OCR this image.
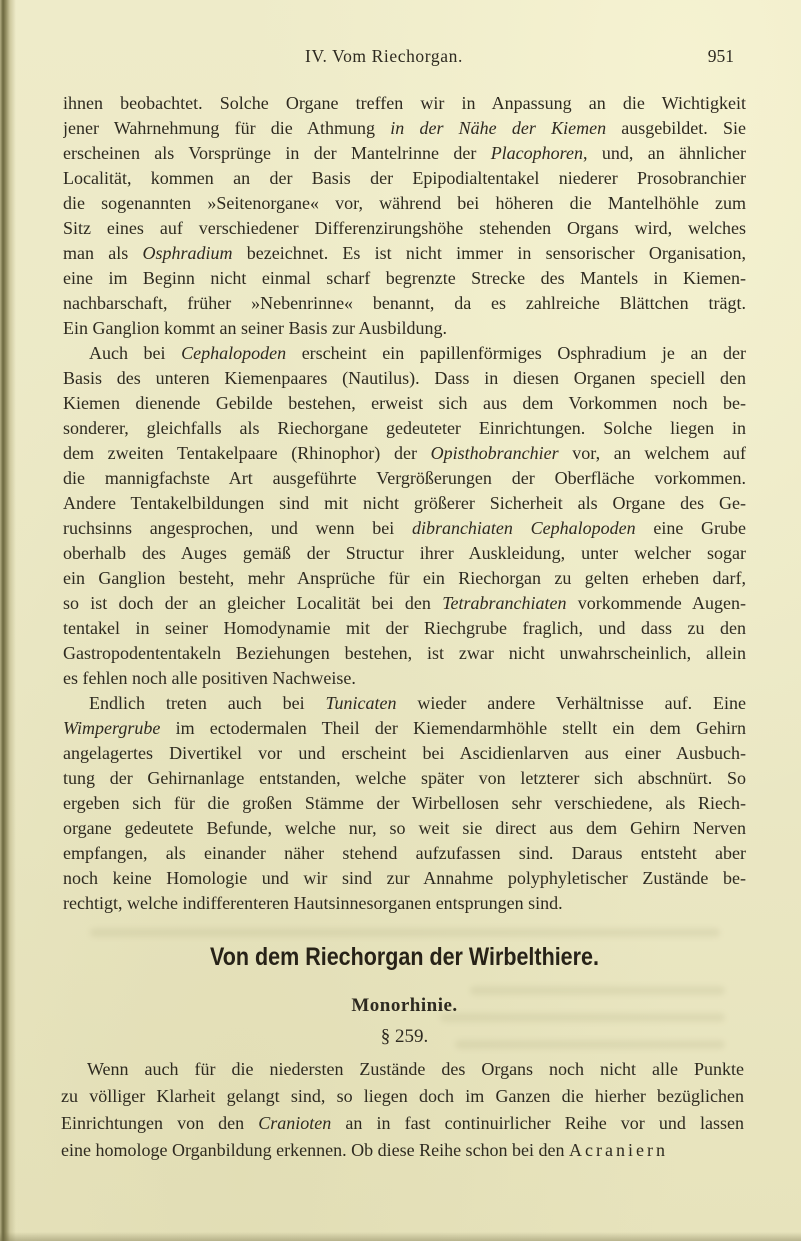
IV. Vom Riechorgan.	951
ihnen beobachtet. Solche Organe treffen wir in Anpassung an die Wichtigkeit
jener Wahrnehmung für die Athmung in der Nähe der Kiemen ausgebildet. Sie
erscheinen als Vorsprünge in der Mantelrinne der Placophoren, und, an ähnlicher
Localität, kommen an der Basis der Epipodialtentakel niederer Prosobranchier
die sogenannten »Seitenorgane« vor, während bei höheren die Mantelhöhle zum
Sitz eines auf verschiedener Differenzirungshöhe stehenden Organs wird, welches
man als Osphradium bezeichnet. Es ist nicht immer in sensorischer Organisation,
eine im Beginn nicht einmal scharf begrenzte Strecke des Mantels in Kiemen-
nachbarschaft, früher »Nebenrinne« benannt, da es zahlreiche Blättchen trägt.
Ein Ganglion kommt an seiner Basis zur Ausbildung.
Auch bei Cephalopoden erscheint ein papillenförmiges Osphradium je an der
Basis des unteren Kiemenpaares (Nautilus). Dass in diesen Organen speciell den
Kiemen dienende Gebilde bestehen, erweist sich aus dem Vorkommen noch be-
sonderer, gleichfalls als Riechorgane gedeuteter Einrichtungen. Solche liegen in
dem zweiten Tentakelpaare (Rhinophor) der Opisthobranchier vor, an welchem auf
die mannigfachste Art ausgeführte Vergrößerungen der Oberfläche vorkommen.
Andere Tentakelbildungen sind mit nicht größerer Sicherheit als Organe des Ge-
ruchsinns angesprochen, und wenn bei dibranchiaten Cephalopoden eine Grube
oberhalb des Auges gemäß der Structur ihrer Auskleidung, unter welcher sogar
ein Ganglion besteht, mehr Ansprüche für ein Riechorgan zu gelten erheben darf,
so ist doch der an gleicher Localität bei den Tetrabranchiaten vorkommende Augen-
tentakel in seiner Homodynamie mit der Riechgrube fraglich, und dass zu den
Gastropodententakeln Beziehungen bestehen, ist zwar nicht unwahrscheinlich, allein
es fehlen noch alle positiven Nachweise.
Endlich treten auch bei Tunicaten wieder andere Verhältnisse auf. Eine
Wimpergrube im ectodermalen Theil der Kiemendarmhöhle stellt ein dem Gehirn
angelagertes Divertikel vor und erscheint bei Ascidienlarven aus einer Ausbuch-
tung der Gehirnanlage entstanden, welche später von letzterer sich abschnürt. So
ergeben sich für die großen Stämme der Wirbellosen sehr verschiedene, als Riech-
organe gedeutete Befunde, welche nur, so weit sie direct aus dem Gehirn Nerven
empfangen, als einander näher stehend aufzufassen sind. Daraus entsteht aber
noch keine Homologie und wir sind zur Annahme polyphyletischer Zustände be-
rechtigt, welche indifferenteren Hautsinnesorganen entsprungen sind.
Von dem Riechorgan der Wirbelthiere.
Monorhinie.
§ 259.
Wenn auch für die niedersten Zustände des Organs noch nicht alle Punkte
zu völliger Klarheit gelangt sind, so liegen doch im Ganzen die hierher bezüglichen
Einrichtungen von den Cranioten an in fast continuirlicher Reihe vor und lassen
eine homologe Organbildung erkennen. Ob diese Reihe schon bei den Acraniern
